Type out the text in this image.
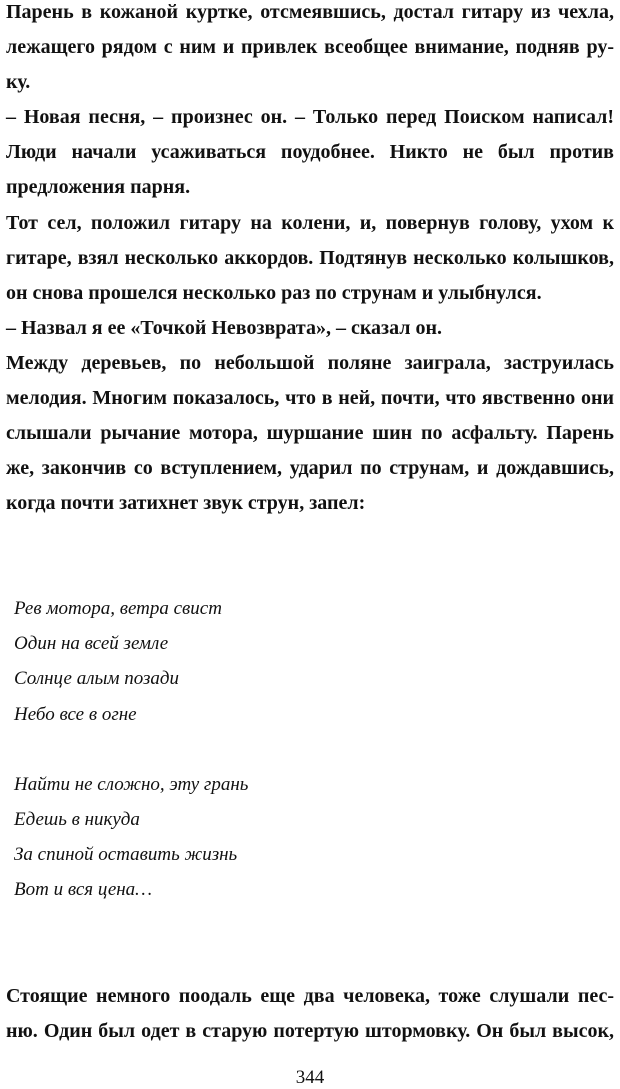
Парень в кожаной куртке, отсмеявшись, достал гитару из чехла,
лежащего рядом с ним и привлек всеобщее внимание, подняв ру-
ку.
– Новая песня, – произнес он. – Только перед Поиском написал!
Люди начали усаживаться поудобнее. Никто не был против
предложения парня.
Тот сел, положил гитару на колени, и, повернув голову, ухом к
гитаре, взял несколько аккордов. Подтянув несколько колышков,
он снова прошелся несколько раз по струнам и улыбнулся.
– Назвал я ее «Точкой Невозврата», – сказал он.
Между деревьев, по небольшой поляне заиграла, заструилась
мелодия. Многим показалось, что в ней, почти, что явственно они
слышали рычание мотора, шуршание шин по асфальту. Парень
же, закончив со вступлением, ударил по струнам, и дождавшись,
когда почти затихнет звук струн, запел:
Рев мотора, ветра свист
Один на всей земле
Солнце алым позади
Небо все в огне
Найти не сложно, эту грань
Едешь в никуда
За спиной оставить жизнь
Вот и вся цена…
Стоящие немного поодаль еще два человека, тоже слушали пес-
ню. Один был одет в старую потертую штормовку. Он был высок,
344
